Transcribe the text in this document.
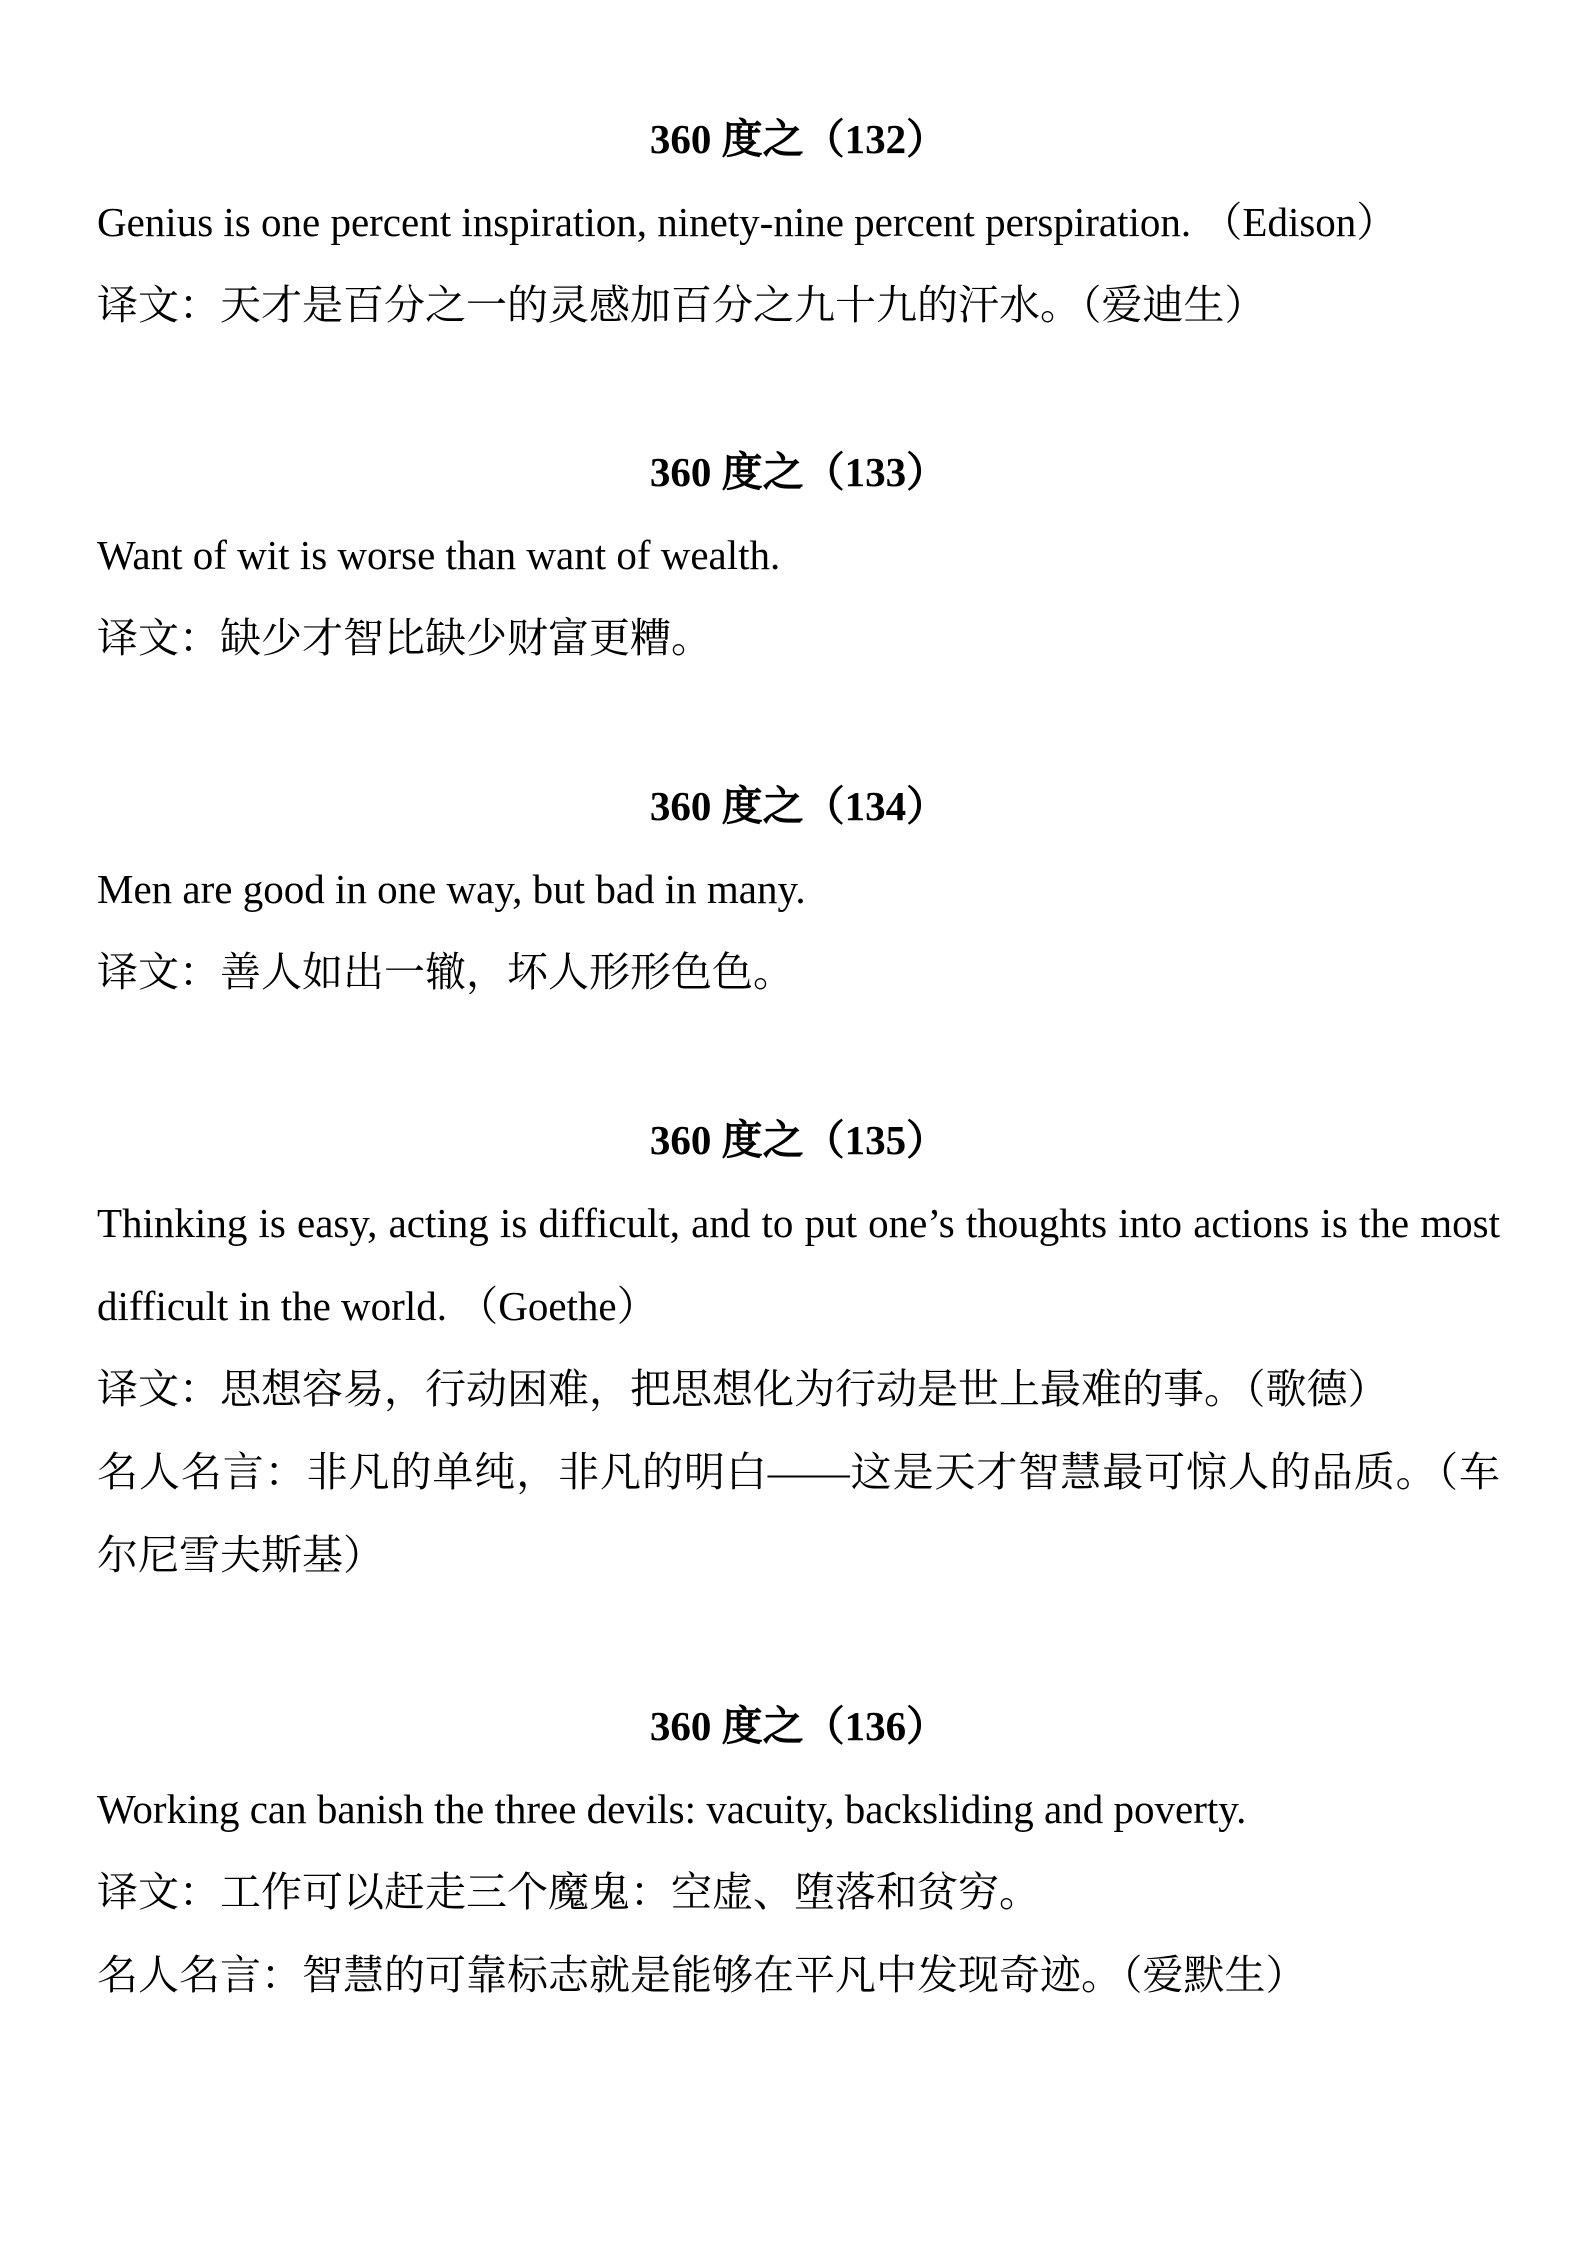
360 度之（132）

Genius is one percent inspiration, ninety-nine percent perspiration. （Edison）

译文：天才是百分之一的灵感加百分之九十九的汗水。（爱迪生）

360 度之（133）

Want of wit is worse than want of wealth.

译文：缺少才智比缺少财富更糟。

360 度之（134）

Men are good in one way, but bad in many.

译文：善人如出一辙，坏人形形色色。

360 度之（135）

Thinking is easy, acting is difficult, and to put one’s thoughts into actions is the most difficult in the world. （Goethe）

译文：思想容易，行动困难，把思想化为行动是世上最难的事。（歌德）

名人名言：非凡的单纯，非凡的明白——这是天才智慧最可惊人的品质。（车尔尼雪夫斯基）

360 度之（136）

Working can banish the three devils: vacuity, backsliding and poverty.

译文：工作可以赶走三个魔鬼：空虚、堕落和贫穷。

名人名言：智慧的可靠标志就是能够在平凡中发现奇迹。（爱默生）
